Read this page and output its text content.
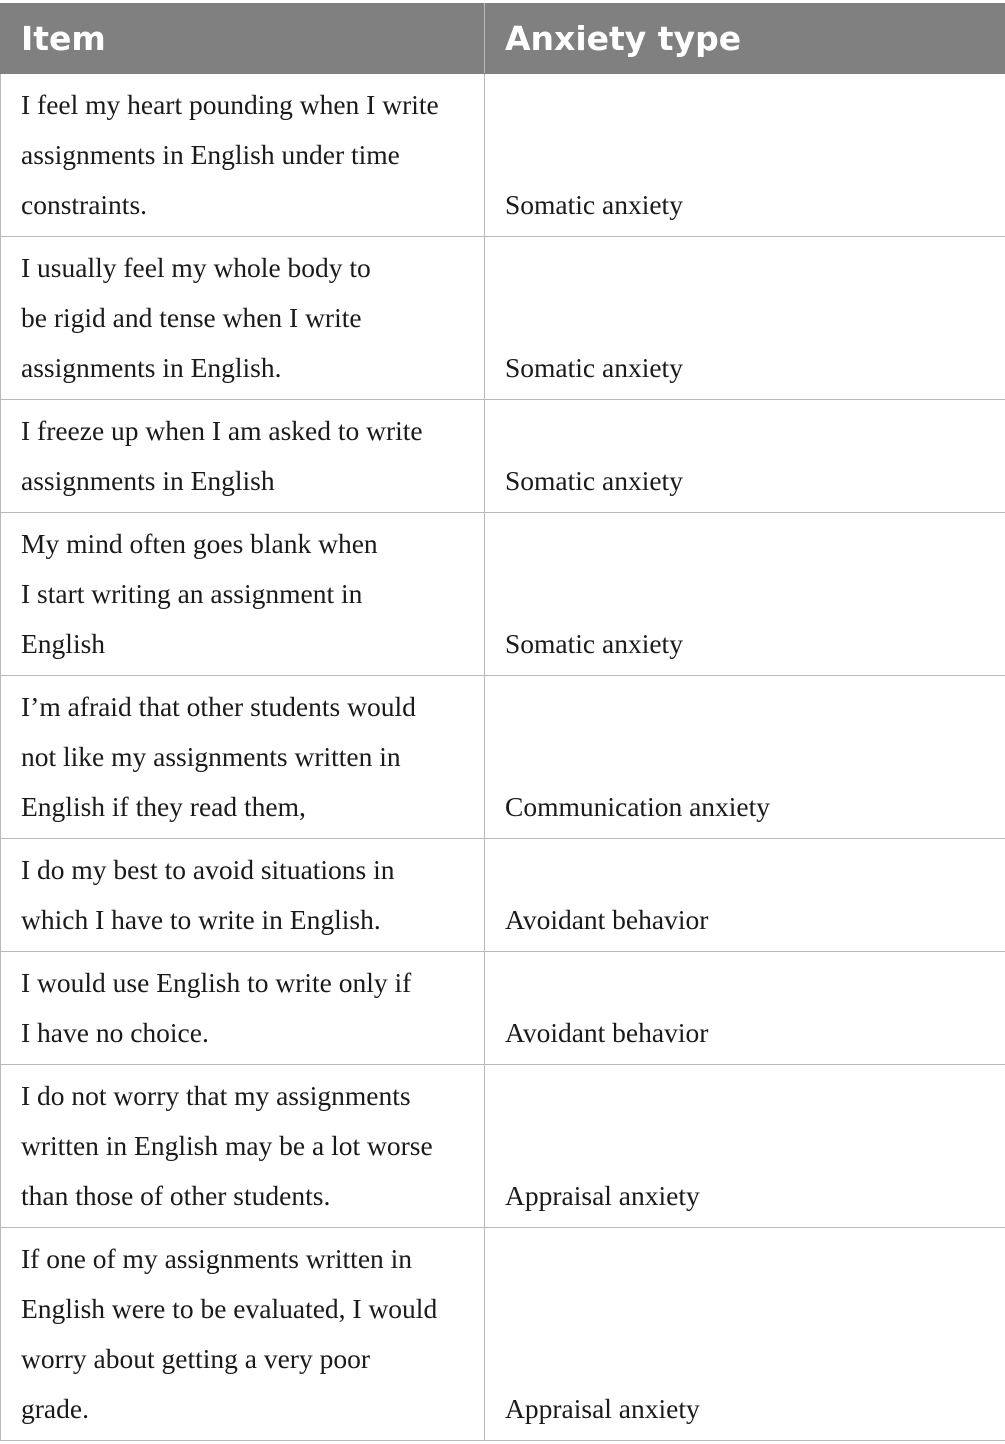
Item	Anxiety type

I feel my heart pounding when I write
assignments in English under time
constraints.	Somatic anxiety

I usually feel my whole body to
be rigid and tense when I write
assignments in English.	Somatic anxiety

I freeze up when I am asked to write
assignments in English	Somatic anxiety

My mind often goes blank when
I start writing an assignment in
English	Somatic anxiety

I’m afraid that other students would
not like my assignments written in
English if they read them,	Communication anxiety

I do my best to avoid situations in
which I have to write in English.	Avoidant behavior

I would use English to write only if
I have no choice.	Avoidant behavior

I do not worry that my assignments
written in English may be a lot worse
than those of other students.	Appraisal anxiety

If one of my assignments written in
English were to be evaluated, I would
worry about getting a very poor
grade.	Appraisal anxiety
